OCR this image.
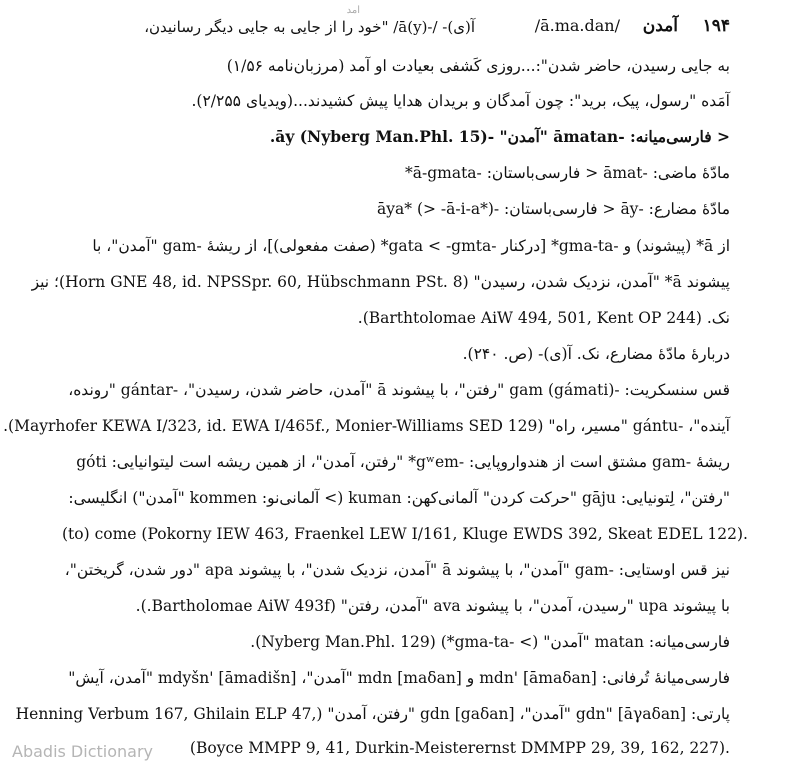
۱۹۴
آمدن
/ā.ma.dan/
امد
آ(ی)- /-ā(y)/ "خود را از جایی به جایی دیگر رسانیدن،
به جایی رسیدن، حاضر شدن":...روزی کَشفی بعیادت او آمد (مرزبان‌نامه ۱/۵۶)
آمَده "رسول، پیک، برید": چون آمدگان و بریدان هدایا پیش کشیدند...(ویدیای ۲/۲۵۵).
< فارسی‌میانه: -āmatan "آمدن" -āy (Nyberg Man.Phl. 15).
مادّهٔ ماضی: -āmat < فارسی‌باستان: -ā-gmata*
مادّهٔ مضارع: -āy < فارسی‌باستان: -āya* (> -ā-i-a*)
از ā* (پیشوند) و -gma-ta* [درکنار -gata < -gmta* (صفت مفعولی)]، از ریشهٔ -gam "آمدن"، با
پیشوند ā* "آمدن، نزدیک شدن، رسیدن" (Horn GNE 48, id. NPSSpr. 60, Hübschmann PSt. 8)؛ نیز
نک. (Barthtolomae AiW 494, 501, Kent OP 244).
دربارهٔ مادّهٔ مضارع، نک. آ(ی)- (ص. ۲۴۰).
قس سنسکریت: -gam (gámati) "رفتن"، با پیشوند ā "آمدن، حاضر شدن، رسیدن"، -gántar "رونده،
آینده"، -gántu "مسیر، راه" (Mayrhofer KEWA I/323, id. EWA I/465f., Monier-Williams SED 129).
ریشهٔ -gam مشتق است از هندواروپایی: -gʷem* "رفتن، آمدن"، از همین ریشه است لیتوانیایی: góti
"رفتن"، لِتونیایی: gāju "حرکت کردن" آلمانی‌کهن: kuman (> آلمانی‌نو: kommen "آمدن") انگلیسی:
(to) come (Pokorny IEW 463, Fraenkel LEW I/161, Kluge EWDS 392, Skeat EDEL 122).
نیز قس اوستایی: -gam "آمدن"، با پیشوند ā "آمدن، نزدیک شدن"، با پیشوند apa "دور شدن، گریختن"،
با پیشوند upa "رسیدن، آمدن"، با پیشوند ava "آمدن، رفتن" (Bartholomae AiW 493f.).
فارسی‌میانه: matan "آمدن" (> -gma-ta*) (Nyberg Man.Phl. 129).
فارسی‌میانهٔ تُرفانی: mdn' [āmaδan] و mdn [maδan] "آمدن"، mdyšn' [āmadišn] "آمدن، آیش"
پارتی: gdn" [āγaδan] "آمدن"، gdn [gaδan] "رفتن، آمدن" (,Henning Verbum 167, Ghilain ELP 47
(Boyce MMPP 9, 41, Durkin-Meisterernst DMMPP 29, 39, 162, 227).
Abadis Dictionary
